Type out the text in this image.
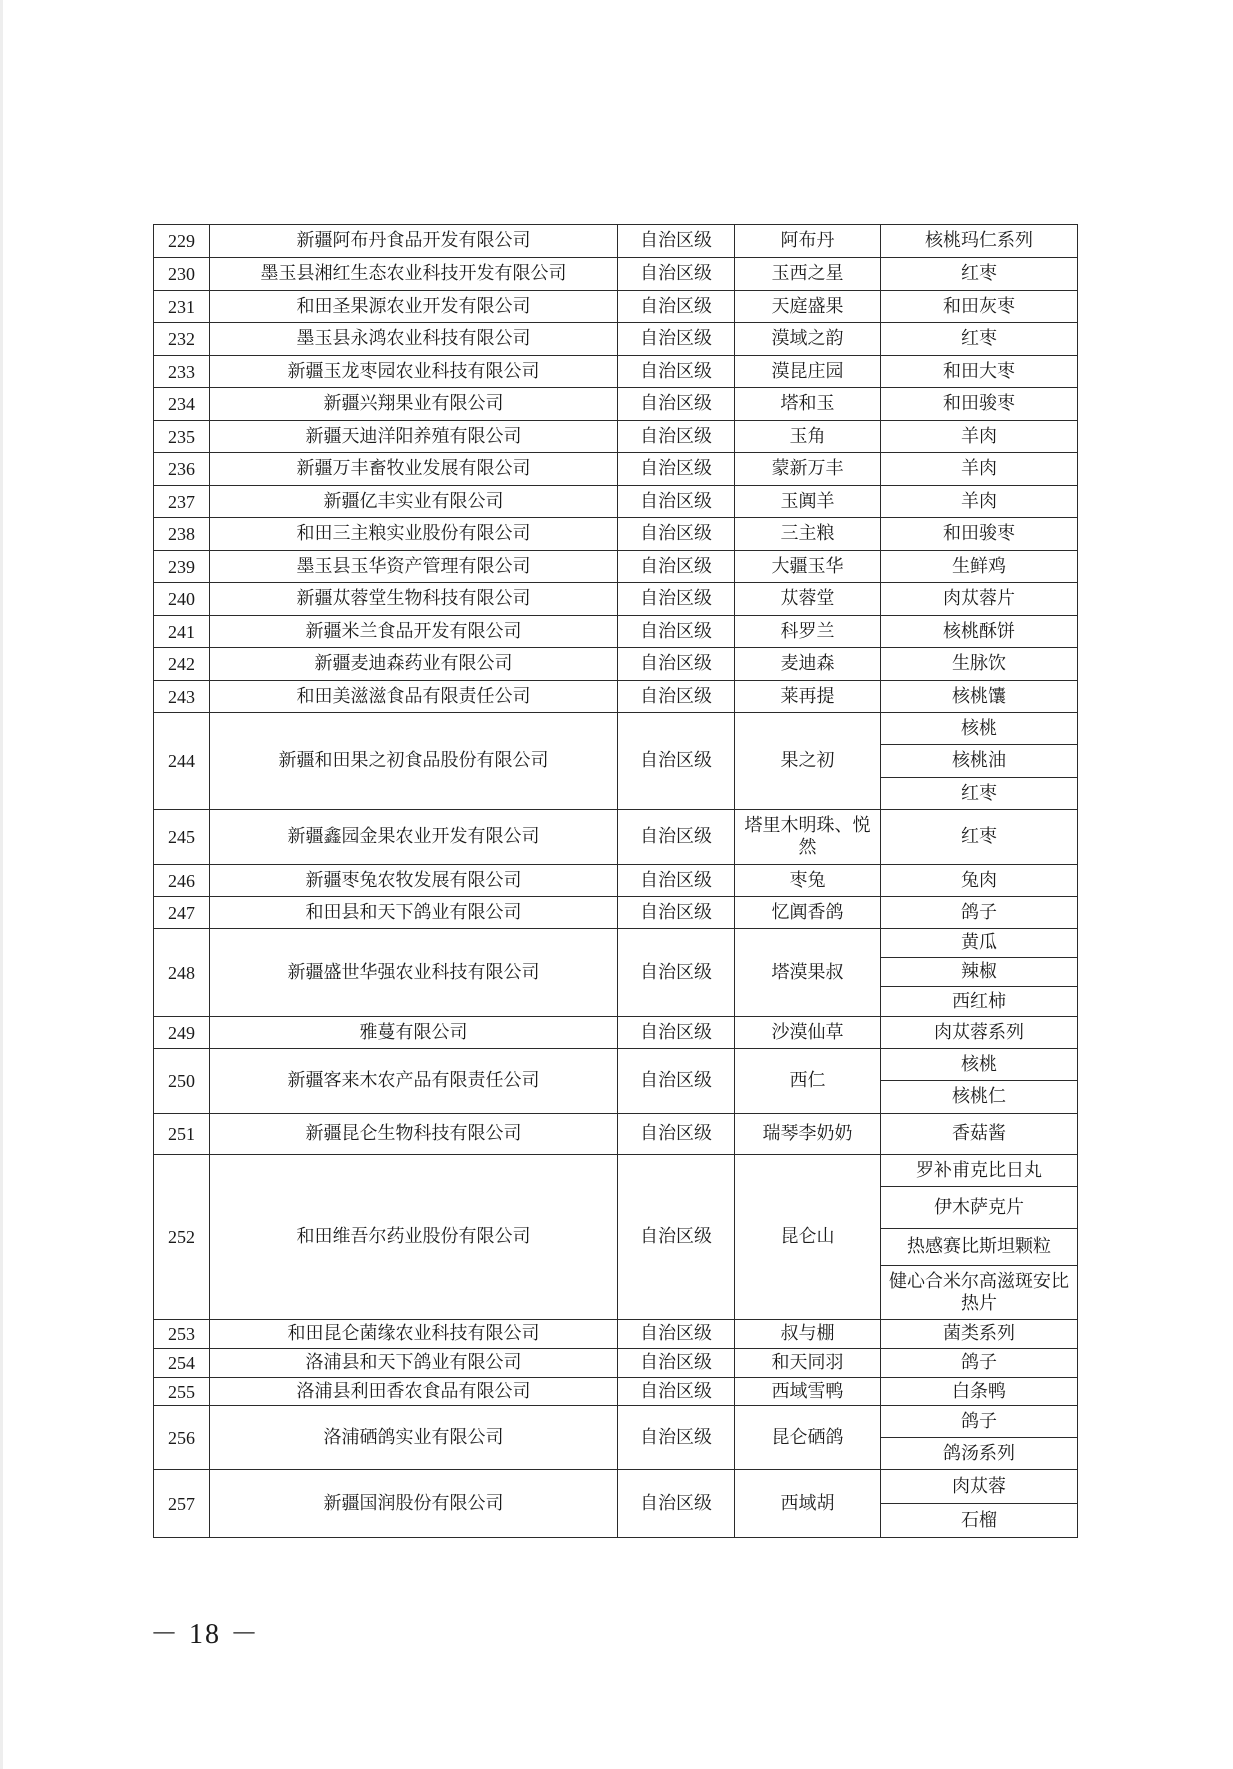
229	新疆阿布丹食品开发有限公司	自治区级	阿布丹	核桃玛仁系列
230	墨玉县湘红生态农业科技开发有限公司	自治区级	玉西之星	红枣
231	和田圣果源农业开发有限公司	自治区级	天庭盛果	和田灰枣
232	墨玉县永鸿农业科技有限公司	自治区级	漠域之韵	红枣
233	新疆玉龙枣园农业科技有限公司	自治区级	漠昆庄园	和田大枣
234	新疆兴翔果业有限公司	自治区级	塔和玉	和田骏枣
235	新疆天迪洋阳养殖有限公司	自治区级	玉角	羊肉
236	新疆万丰畜牧业发展有限公司	自治区级	蒙新万丰	羊肉
237	新疆亿丰实业有限公司	自治区级	玉阗羊	羊肉
238	和田三主粮实业股份有限公司	自治区级	三主粮	和田骏枣
239	墨玉县玉华资产管理有限公司	自治区级	大疆玉华	生鲜鸡
240	新疆苁蓉堂生物科技有限公司	自治区级	苁蓉堂	肉苁蓉片
241	新疆米兰食品开发有限公司	自治区级	科罗兰	核桃酥饼
242	新疆麦迪森药业有限公司	自治区级	麦迪森	生脉饮
243	和田美滋滋食品有限责任公司	自治区级	莱再提	核桃馕
244	新疆和田果之初食品股份有限公司	自治区级	果之初	核桃
				核桃油
				红枣
245	新疆鑫园金果农业开发有限公司	自治区级	塔里木明珠、悦然	红枣
246	新疆枣兔农牧发展有限公司	自治区级	枣兔	兔肉
247	和田县和天下鸽业有限公司	自治区级	忆阗香鸽	鸽子
248	新疆盛世华强农业科技有限公司	自治区级	塔漠果叔	黄瓜
				辣椒
				西红柿
249	雅蔓有限公司	自治区级	沙漠仙草	肉苁蓉系列
250	新疆客来木农产品有限责任公司	自治区级	西仁	核桃
				核桃仁
251	新疆昆仑生物科技有限公司	自治区级	瑞琴李奶奶	香菇酱
252	和田维吾尔药业股份有限公司	自治区级	昆仑山	罗补甫克比日丸
				伊木萨克片
				热感赛比斯坦颗粒
				健心合米尔高滋斑安比热片
253	和田昆仑菌缘农业科技有限公司	自治区级	叔与棚	菌类系列
254	洛浦县和天下鸽业有限公司	自治区级	和天同羽	鸽子
255	洛浦县利田香农食品有限公司	自治区级	西域雪鸭	白条鸭
256	洛浦硒鸽实业有限公司	自治区级	昆仑硒鸽	鸽子
				鸽汤系列
257	新疆国润股份有限公司	自治区级	西域胡	肉苁蓉
				石榴
－ 18 －
